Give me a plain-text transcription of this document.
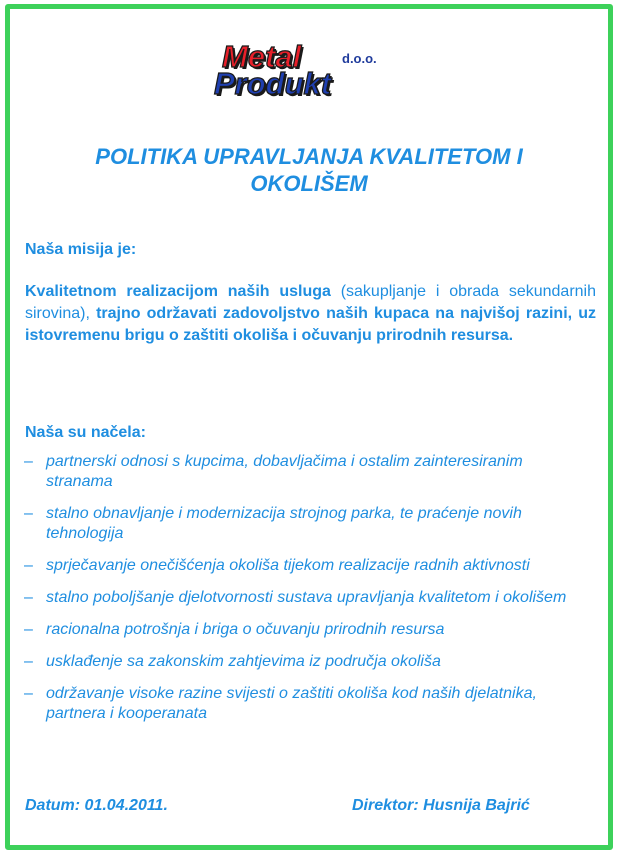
Metal	d.o.o.
Produkt
POLITIKA UPRAVLJANJA KVALITETOM I
OKOLIŠEM

Naša misija je:

Kvalitetnom realizacijom naših usluga (sakupljanje i obrada sekundarnih sirovina), trajno održavati zadovoljstvo naših kupaca na najvišoj razini, uz istovremenu brigu o zaštiti okoliša i očuvanju prirodnih resursa.

Naša su načela:

– partnerski odnosi s kupcima, dobavljačima i ostalim zainteresiranim stranama
– stalno obnavljanje i modernizacija strojnog parka, te praćenje novih tehnologija
– sprječavanje onečišćenja okoliša tijekom realizacije radnih aktivnosti
– stalno poboljšanje djelotvornosti sustava upravljanja kvalitetom i okolišem
– racionalna potrošnja i briga o očuvanju prirodnih resursa
– usklađenje sa zakonskim zahtjevima iz područja okoliša
– održavanje visoke razine svijesti o zaštiti okoliša kod naših djelatnika, partnera i kooperanata
Datum: 01.04.2011.	Direktor: Husnija Bajrić
